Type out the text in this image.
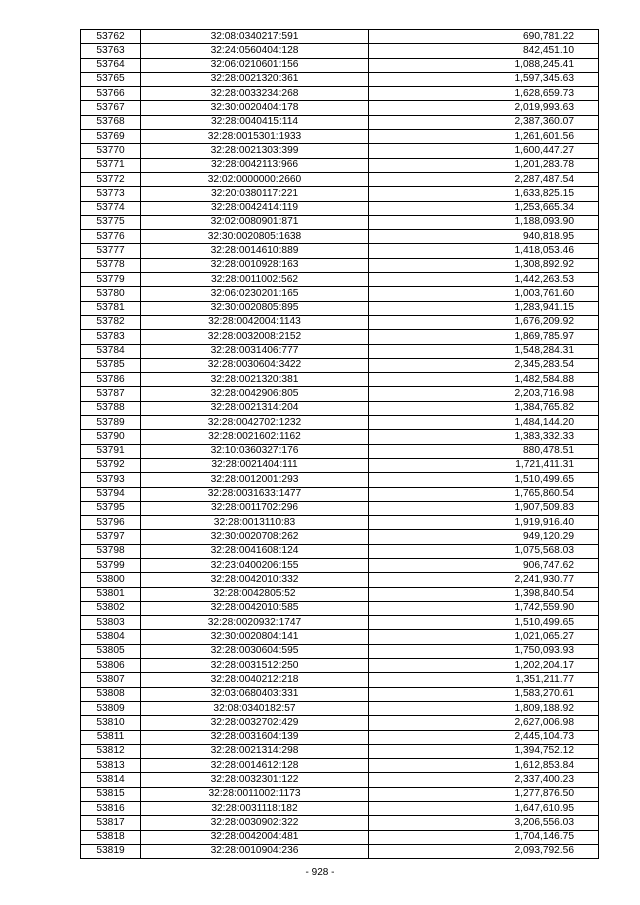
53762	32:08:0340217:591	690,781.22
53763	32:24:0560404:128	842,451.10
53764	32:06:0210601:156	1,088,245.41
53765	32:28:0021320:361	1,597,345.63
53766	32:28:0033234:268	1,628,659.73
53767	32:30:0020404:178	2,019,993.63
53768	32:28:0040415:114	2,387,360.07
53769	32:28:0015301:1933	1,261,601.56
53770	32:28:0021303:399	1,600,447.27
53771	32:28:0042113:966	1,201,283.78
53772	32:02:0000000:2660	2,287,487.54
53773	32:20:0380117:221	1,633,825.15
53774	32:28:0042414:119	1,253,665.34
53775	32:02:0080901:871	1,188,093.90
53776	32:30:0020805:1638	940,818.95
53777	32:28:0014610:889	1,418,053.46
53778	32:28:0010928:163	1,308,892.92
53779	32:28:0011002:562	1,442,263.53
53780	32:06:0230201:165	1,003,761.60
53781	32:30:0020805:895	1,283,941.15
53782	32:28:0042004:1143	1,676,209.92
53783	32:28:0032008:2152	1,869,785.97
53784	32:28:0031406:777	1,548,284.31
53785	32:28:0030604:3422	2,345,283.54
53786	32:28:0021320:381	1,482,584.88
53787	32:28:0042906:805	2,203,716.98
53788	32:28:0021314:204	1,384,765.82
53789	32:28:0042702:1232	1,484,144.20
53790	32:28:0021602:1162	1,383,332.33
53791	32:10:0360327:176	880,478.51
53792	32:28:0021404:111	1,721,411.31
53793	32:28:0012001:293	1,510,499.65
53794	32:28:0031633:1477	1,765,860.54
53795	32:28:0011702:296	1,907,509.83
53796	32:28:0013110:83	1,919,916.40
53797	32:30:0020708:262	949,120.29
53798	32:28:0041608:124	1,075,568.03
53799	32:23:0400206:155	906,747.62
53800	32:28:0042010:332	2,241,930.77
53801	32:28:0042805:52	1,398,840.54
53802	32:28:0042010:585	1,742,559.90
53803	32:28:0020932:1747	1,510,499.65
53804	32:30:0020804:141	1,021,065.27
53805	32:28:0030604:595	1,750,093.93
53806	32:28:0031512:250	1,202,204.17
53807	32:28:0040212:218	1,351,211.77
53808	32:03:0680403:331	1,583,270.61
53809	32:08:0340182:57	1,809,188.92
53810	32:28:0032702:429	2,627,006.98
53811	32:28:0031604:139	2,445,104.73
53812	32:28:0021314:298	1,394,752.12
53813	32:28:0014612:128	1,612,853.84
53814	32:28:0032301:122	2,337,400.23
53815	32:28:0011002:1173	1,277,876.50
53816	32:28:0031118:182	1,647,610.95
53817	32:28:0030902:322	3,206,556.03
53818	32:28:0042004:481	1,704,146.75
53819	32:28:0010904:236	2,093,792.56
- 928 -
